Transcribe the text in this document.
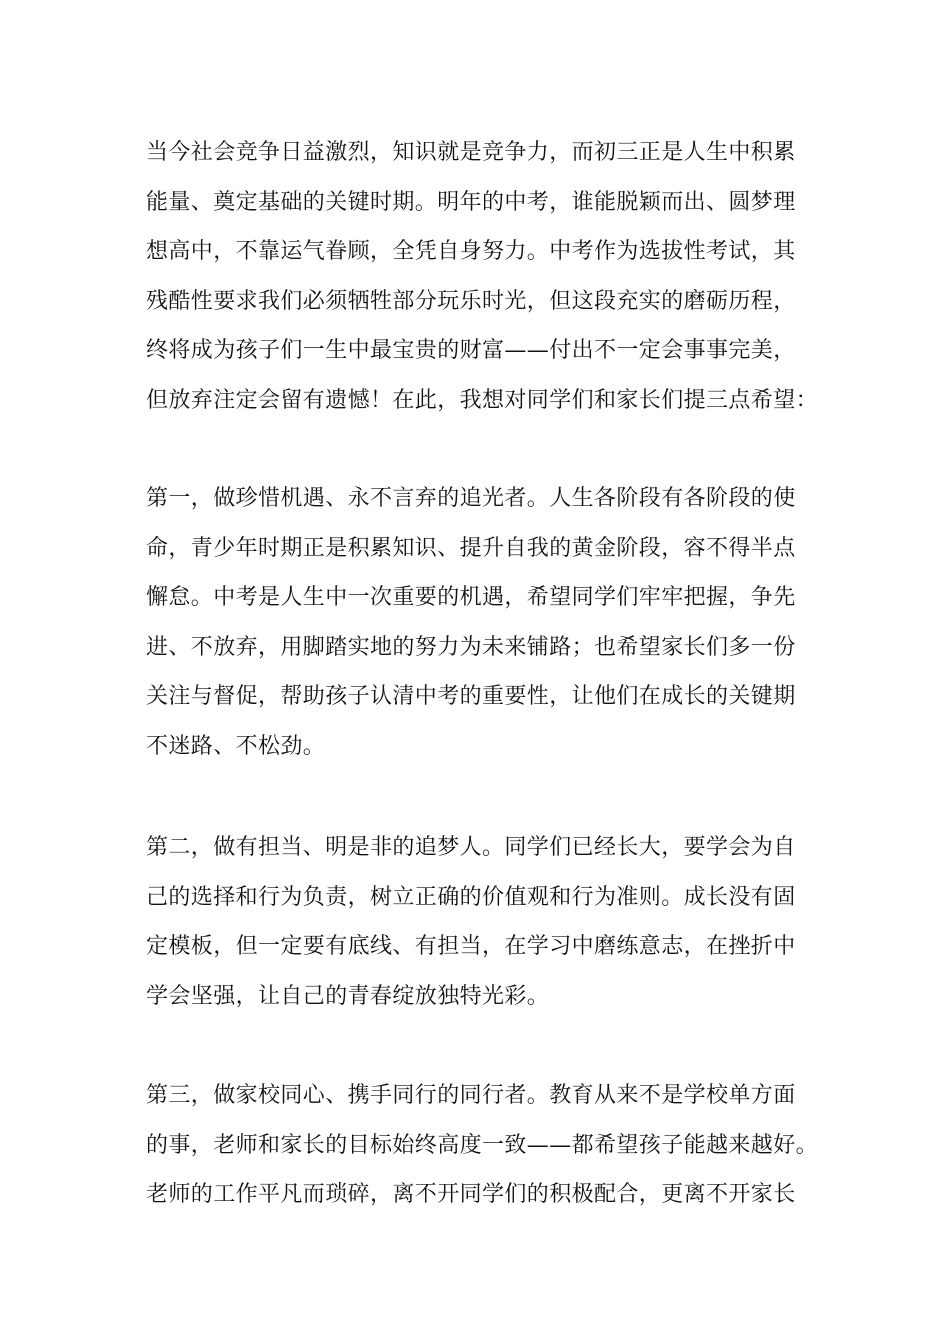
当今社会竞争日益激烈，知识就是竞争力，而初三正是人生中积累
能量、奠定基础的关键时期。明年的中考，谁能脱颖而出、圆梦理
想高中，不靠运气眷顾，全凭自身努力。中考作为选拔性考试，其
残酷性要求我们必须牺牲部分玩乐时光，但这段充实的磨砺历程，
终将成为孩子们一生中最宝贵的财富——付出不一定会事事完美，
但放弃注定会留有遗憾！在此，我想对同学们和家长们提三点希望：
第一，做珍惜机遇、永不言弃的追光者。人生各阶段有各阶段的使
命，青少年时期正是积累知识、提升自我的黄金阶段，容不得半点
懈怠。中考是人生中一次重要的机遇，希望同学们牢牢把握，争先
进、不放弃，用脚踏实地的努力为未来铺路；也希望家长们多一份
关注与督促，帮助孩子认清中考的重要性，让他们在成长的关键期
不迷路、不松劲。
第二，做有担当、明是非的追梦人。同学们已经长大，要学会为自
己的选择和行为负责，树立正确的价值观和行为准则。成长没有固
定模板，但一定要有底线、有担当，在学习中磨练意志，在挫折中
学会坚强，让自己的青春绽放独特光彩。
第三，做家校同心、携手同行的同行者。教育从来不是学校单方面
的事，老师和家长的目标始终高度一致——都希望孩子能越来越好。
老师的工作平凡而琐碎，离不开同学们的积极配合，更离不开家长
